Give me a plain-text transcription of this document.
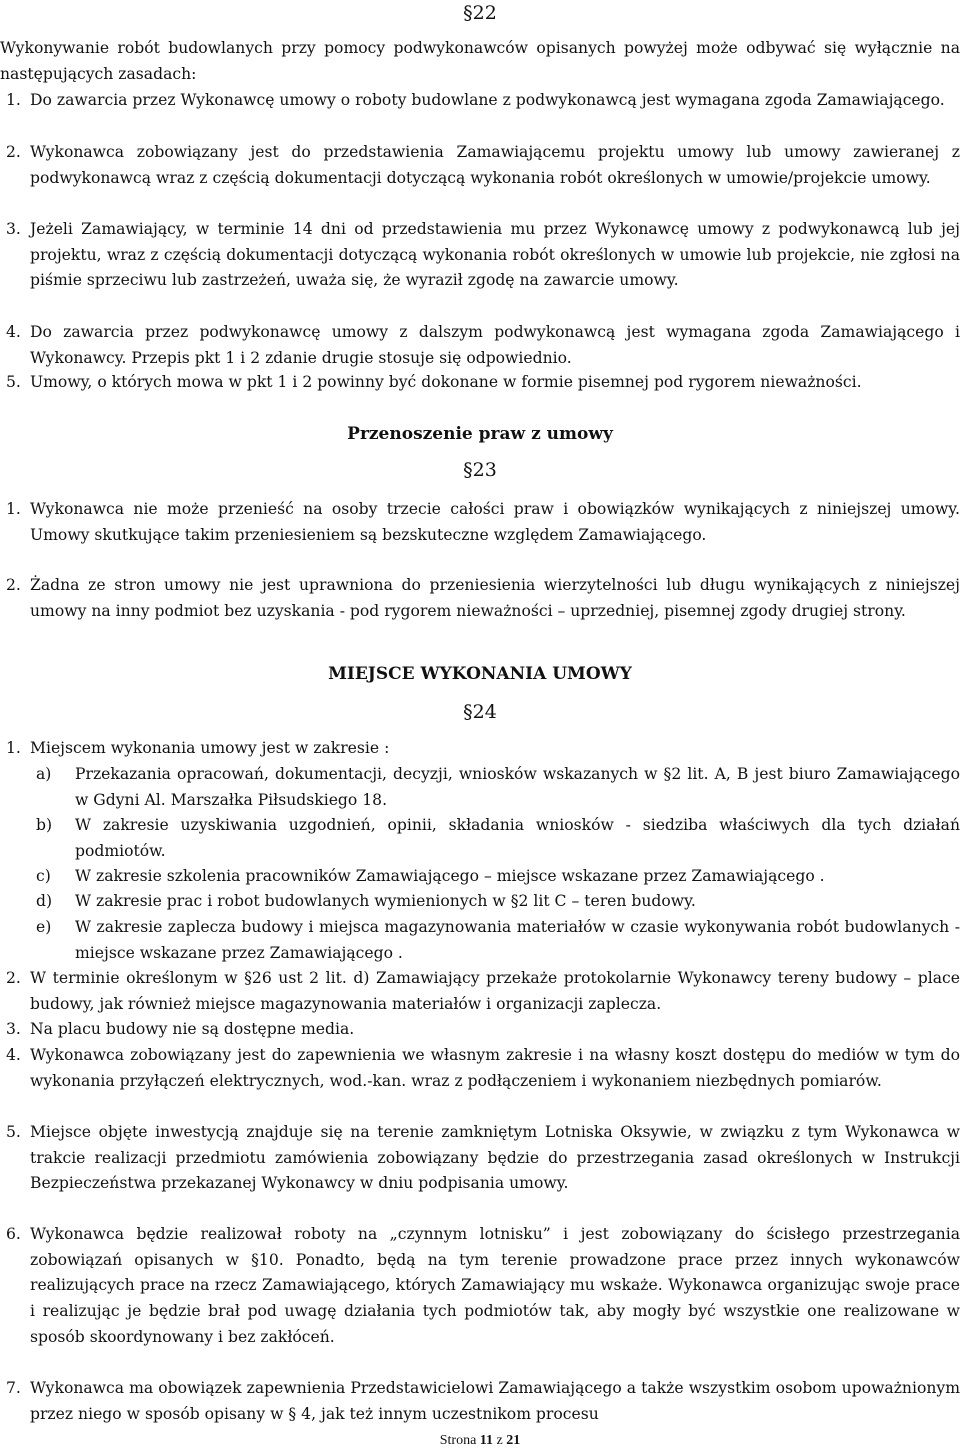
§22
Wykonywanie robót budowlanych przy pomocy podwykonawców opisanych powyżej może odbywać się wyłącznie na następujących zasadach:
1. Do zawarcia przez Wykonawcę umowy o roboty budowlane z podwykonawcą jest wymagana zgoda Zamawiającego.
2. Wykonawca zobowiązany jest do przedstawienia Zamawiającemu projektu umowy lub umowy zawieranej z podwykonawcą wraz z częścią dokumentacji dotyczącą wykonania robót określonych w umowie/projekcie umowy.
3. Jeżeli Zamawiający, w terminie 14 dni od przedstawienia mu przez Wykonawcę umowy z podwykonawcą lub jej projektu, wraz z częścią dokumentacji dotyczącą wykonania robót określonych w umowie lub projekcie, nie zgłosi na piśmie sprzeciwu lub zastrzeżeń, uważa się, że wyraził zgodę na zawarcie umowy.
4. Do zawarcia przez podwykonawcę umowy z dalszym podwykonawcą jest wymagana zgoda Zamawiającego i Wykonawcy. Przepis pkt 1 i 2 zdanie drugie stosuje się odpowiednio.
5. Umowy, o których mowa w pkt 1 i 2 powinny być dokonane w formie pisemnej pod rygorem nieważności.
Przenoszenie praw z umowy
§23
1. Wykonawca nie może przenieść na osoby trzecie całości praw i obowiązków wynikających z niniejszej umowy. Umowy skutkujące takim przeniesieniem są bezskuteczne względem Zamawiającego.
2. Żadna ze stron umowy nie jest uprawniona do przeniesienia wierzytelności lub długu wynikających z niniejszej umowy na inny podmiot bez uzyskania - pod rygorem nieważności – uprzedniej, pisemnej zgody drugiej strony.
MIEJSCE WYKONANIA UMOWY
§24
1. Miejscem wykonania umowy jest w zakresie :
a) Przekazania opracowań, dokumentacji, decyzji, wniosków wskazanych w §2 lit. A, B jest biuro Zamawiającego w Gdyni Al. Marszałka Piłsudskiego 18.
b) W zakresie uzyskiwania uzgodnień, opinii, składania wniosków - siedziba właściwych dla tych działań podmiotów.
c) W zakresie szkolenia pracowników Zamawiającego – miejsce wskazane przez Zamawiającego .
d) W zakresie prac i robot budowlanych wymienionych w §2 lit C – teren budowy.
e) W zakresie zaplecza budowy i miejsca magazynowania materiałów w czasie wykonywania robót budowlanych - miejsce wskazane przez Zamawiającego .
2. W terminie określonym w §26 ust 2 lit. d) Zamawiający przekaże protokolarnie Wykonawcy tereny budowy – place budowy, jak również miejsce magazynowania materiałów i organizacji zaplecza.
3. Na placu budowy nie są dostępne media.
4. Wykonawca zobowiązany jest do zapewnienia we własnym zakresie i na własny koszt dostępu do mediów w tym do wykonania przyłączeń elektrycznych, wod.-kan. wraz z podłączeniem i wykonaniem niezbędnych pomiarów.
5. Miejsce objęte inwestycją znajduje się na terenie zamkniętym Lotniska Oksywie, w związku z tym Wykonawca w trakcie realizacji przedmiotu zamówienia zobowiązany będzie do przestrzegania zasad określonych w Instrukcji Bezpieczeństwa przekazanej Wykonawcy w dniu podpisania umowy.
6. Wykonawca będzie realizował roboty na „czynnym lotnisku” i jest zobowiązany do ścisłego przestrzegania zobowiązań opisanych w §10. Ponadto, będą na tym terenie prowadzone prace przez innych wykonawców realizujących prace na rzecz Zamawiającego, których Zamawiający mu wskaże. Wykonawca organizując swoje prace i realizując je będzie brał pod uwagę działania tych podmiotów tak, aby mogły być wszystkie one realizowane w sposób skoordynowany i bez zakłóceń.
7. Wykonawca ma obowiązek zapewnienia Przedstawicielowi Zamawiającego a także wszystkim osobom upoważnionym przez niego w sposób opisany w § 4, jak też innym uczestnikom procesu
Strona 11 z 21
